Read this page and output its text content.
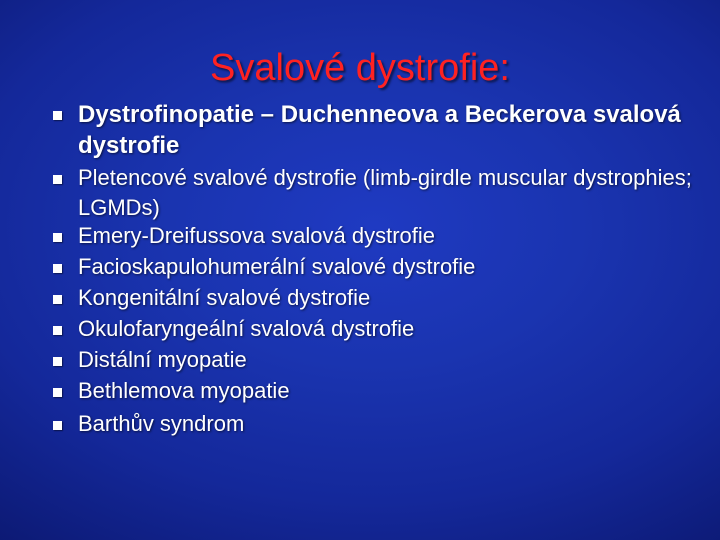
Svalové dystrofie:
Dystrofinopatie – Duchenneova a Beckerova svalová dystrofie
Pletencové svalové dystrofie (limb-girdle muscular dystrophies; LGMDs)
Emery-Dreifussova svalová dystrofie
Facioskapulohumerální svalové dystrofie
Kongenitální svalové dystrofie
Okulofaryngeální svalová dystrofie
Distální myopatie
Bethlemova myopatie
Barthův syndrom
